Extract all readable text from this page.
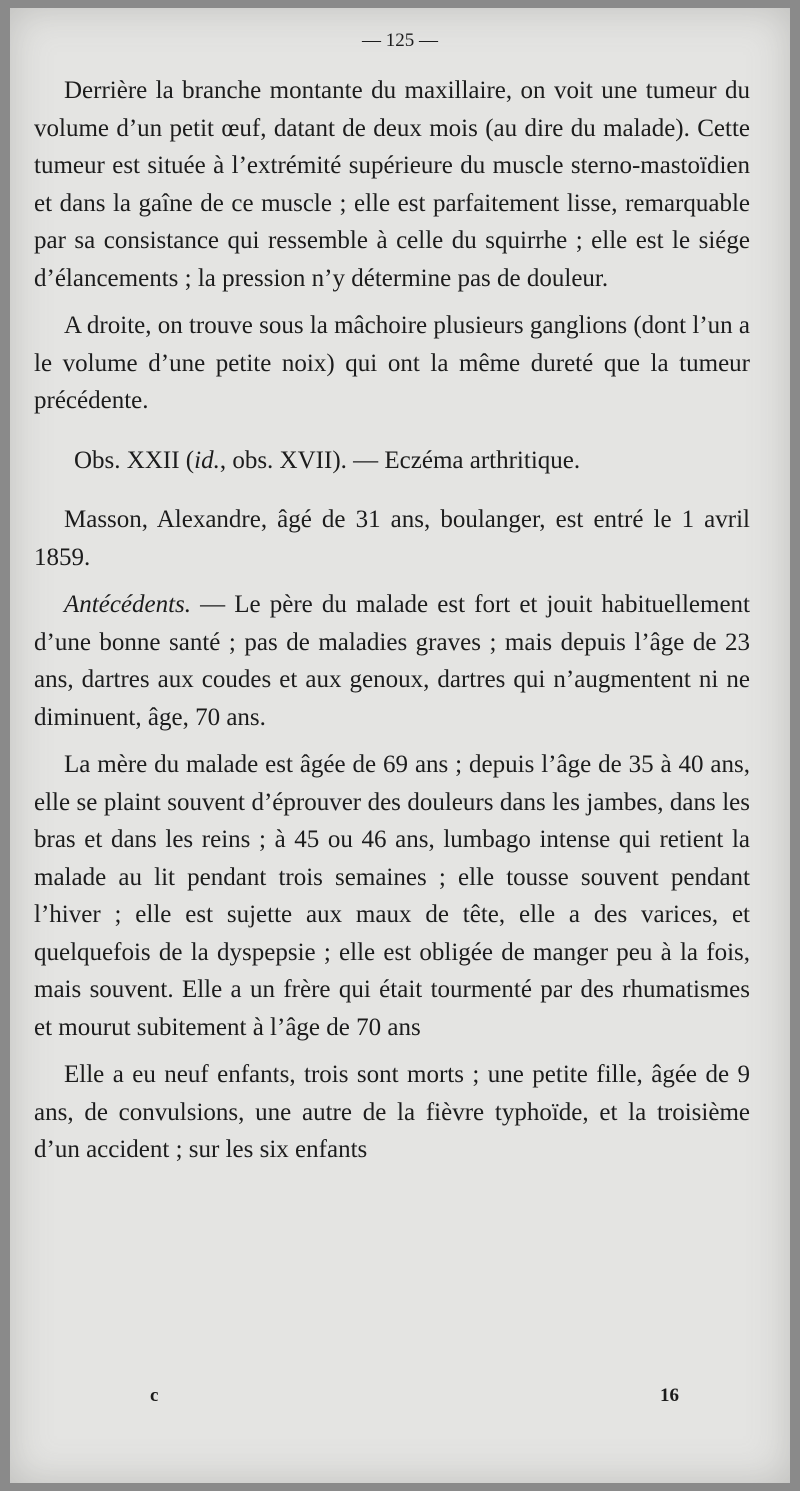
— 125 —

Derrière la branche montante du maxillaire, on voit une tumeur du volume d’un petit œuf, datant de deux mois (au dire du malade). Cette tumeur est située à l’extrémité supérieure du muscle sterno-mastoïdien et dans la gaîne de ce muscle ; elle est parfaitement lisse, remarquable par sa consistance qui ressemble à celle du squirrhe ; elle est le siége d’élancements ; la pression n’y détermine pas de douleur.

A droite, on trouve sous la mâchoire plusieurs ganglions (dont l’un a le volume d’une petite noix) qui ont la même dureté que la tumeur précédente.

Obs. XXII (id., obs. XVII). — Eczéma arthritique.

Masson, Alexandre, âgé de 31 ans, boulanger, est entré le 1 avril 1859.

Antécédents. — Le père du malade est fort et jouit habituellement d’une bonne santé ; pas de maladies graves ; mais depuis l’âge de 23 ans, dartres aux coudes et aux genoux, dartres qui n’augmentent ni ne diminuent, âge, 70 ans.

La mère du malade est âgée de 69 ans ; depuis l’âge de 35 à 40 ans, elle se plaint souvent d’éprouver des douleurs dans les jambes, dans les bras et dans les reins ; à 45 ou 46 ans, lumbago intense qui retient la malade au lit pendant trois semaines ; elle tousse souvent pendant l’hiver ; elle est sujette aux maux de tête, elle a des varices, et quelquefois de la dyspepsie ; elle est obligée de manger peu à la fois, mais souvent. Elle a un frère qui était tourmenté par des rhumatismes et mourut subitement à l’âge de 70 ans

Elle a eu neuf enfants, trois sont morts ; une petite fille, âgée de 9 ans, de convulsions, une autre de la fièvre typhoïde, et la troisième d’un accident ; sur les six enfants

c	16
